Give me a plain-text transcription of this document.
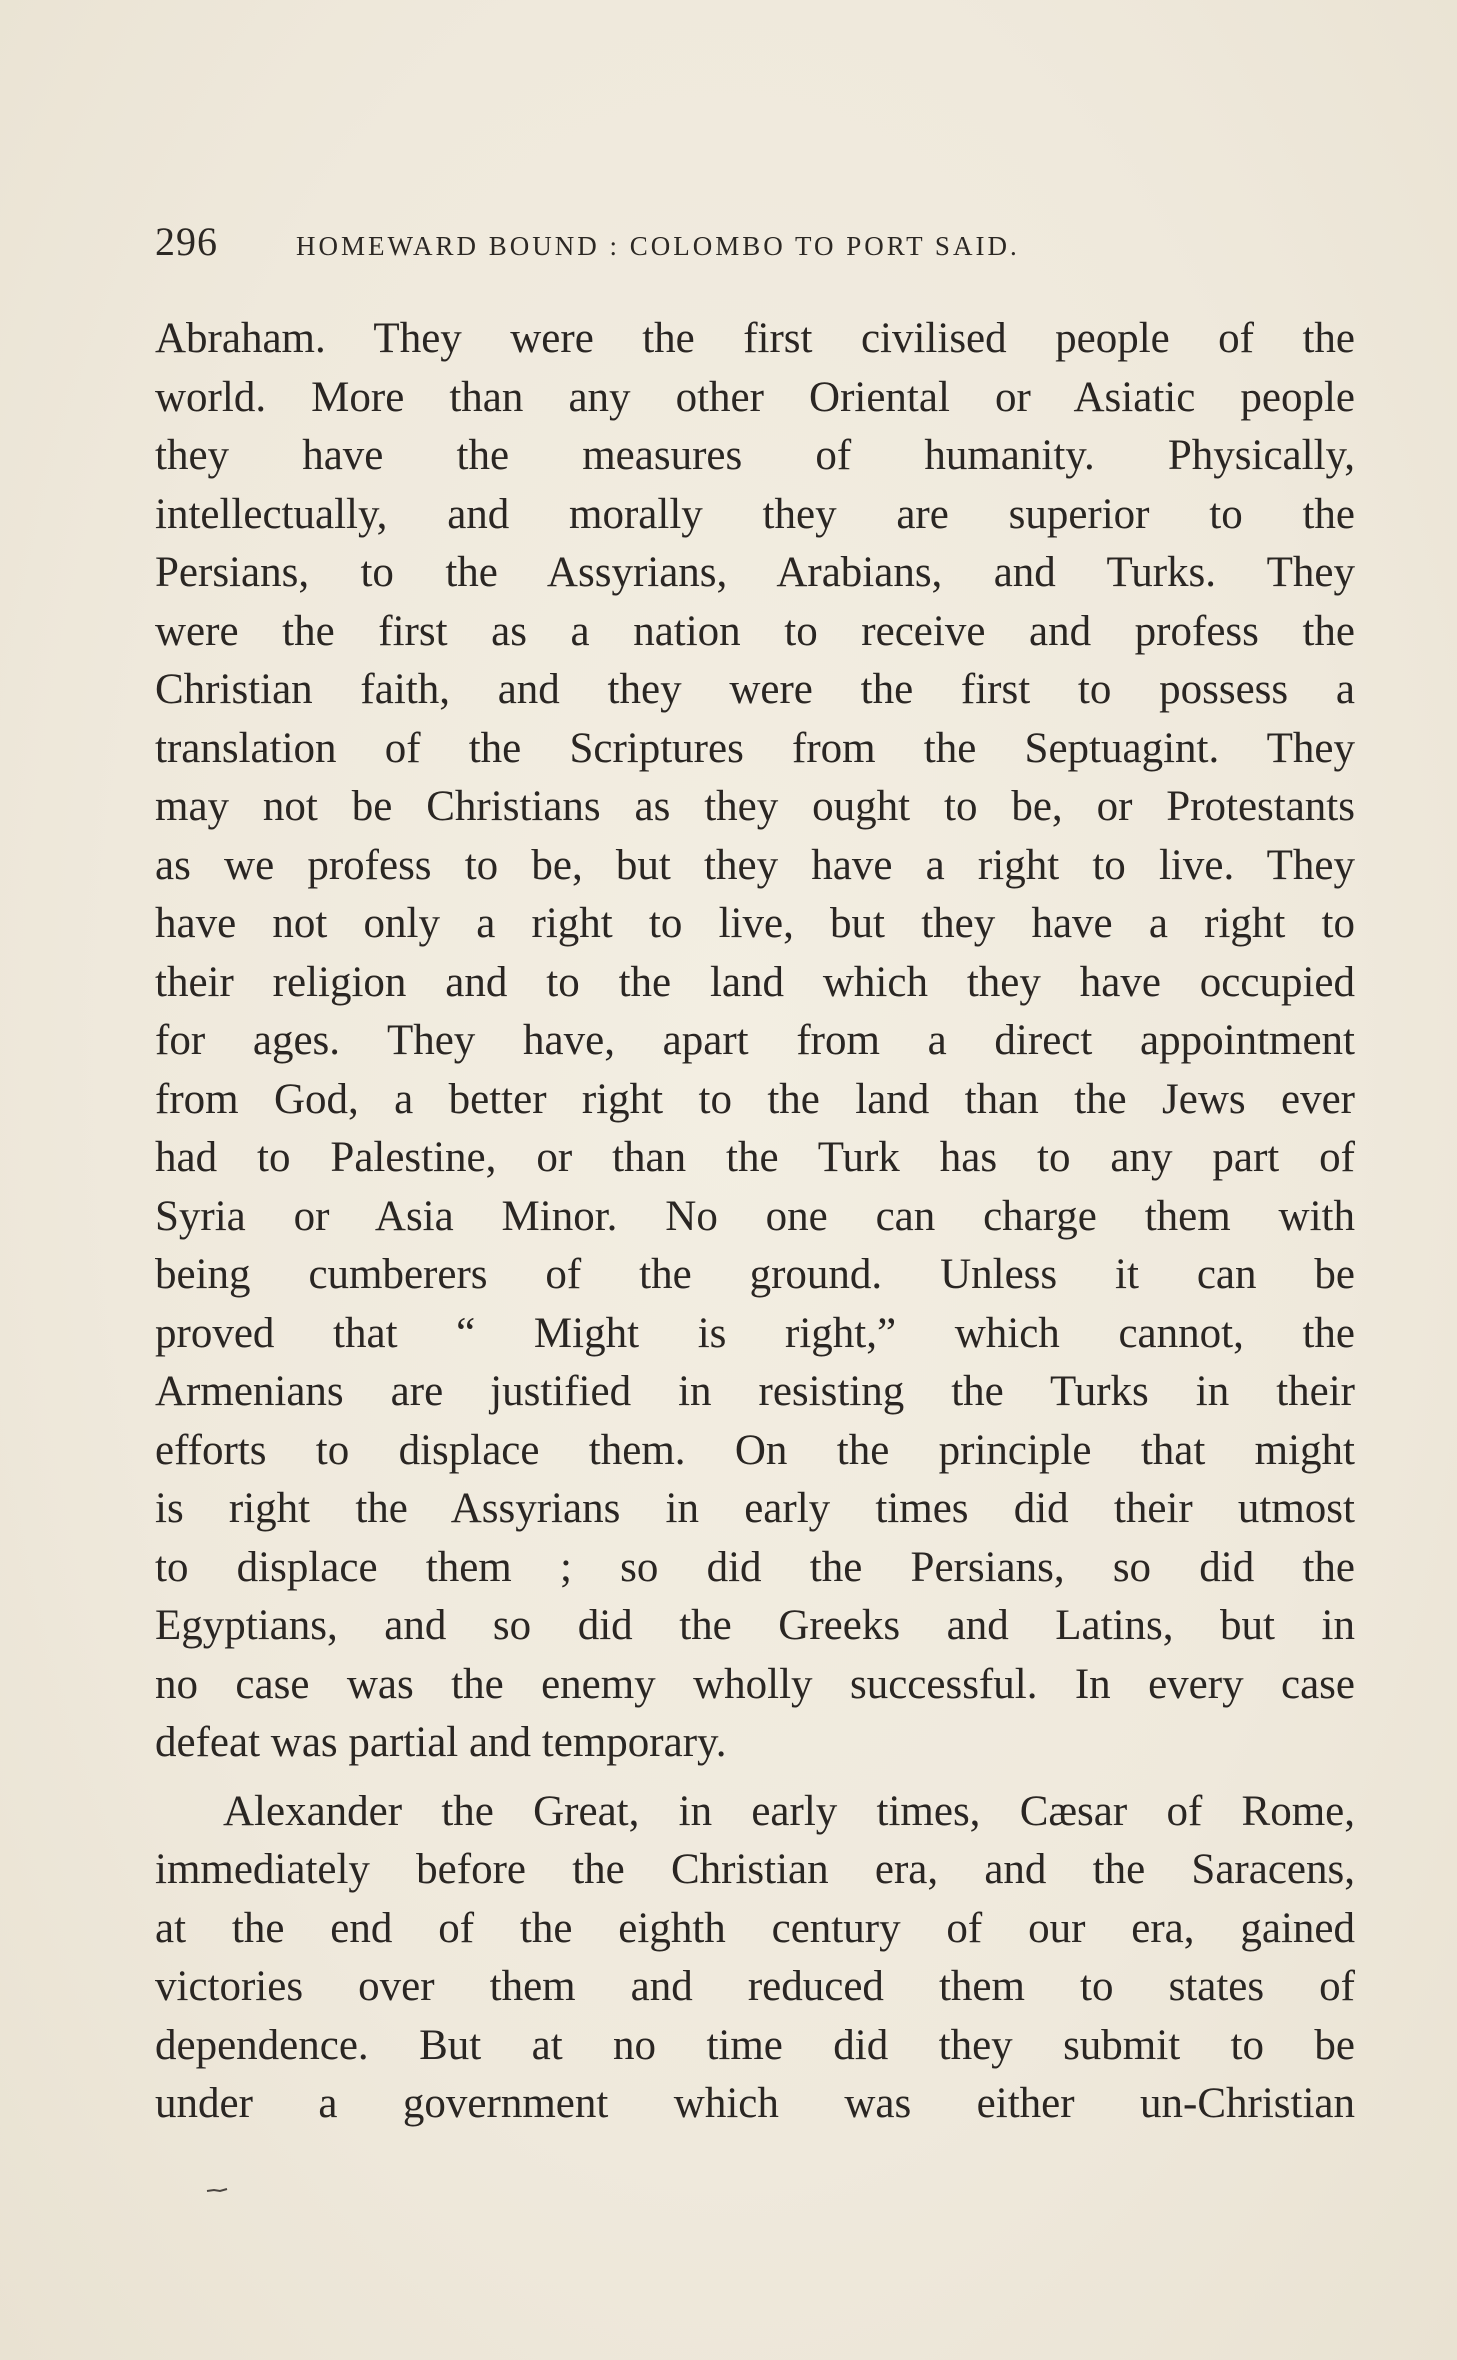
296	HOMEWARD BOUND : COLOMBO TO PORT SAID.
Abraham. They were the first civilised people of the
world. More than any other Oriental or Asiatic people
they have the measures of humanity. Physically,
intellectually, and morally they are superior to the
Persians, to the Assyrians, Arabians, and Turks. They
were the first as a nation to receive and profess the
Christian faith, and they were the first to possess a
translation of the Scriptures from the Septuagint. They
may not be Christians as they ought to be, or Protestants
as we profess to be, but they have a right to live. They
have not only a right to live, but they have a right to
their religion and to the land which they have occupied
for ages. They have, apart from a direct appointment
from God, a better right to the land than the Jews ever
had to Palestine, or than the Turk has to any part of
Syria or Asia Minor. No one can charge them with
being cumberers of the ground. Unless it can be
proved that “ Might is right,” which cannot, the
Armenians are justified in resisting the Turks in their
efforts to displace them. On the principle that might
is right the Assyrians in early times did their utmost
to displace them ; so did the Persians, so did the
Egyptians, and so did the Greeks and Latins, but in
no case was the enemy wholly successful. In every case
defeat was partial and temporary.
Alexander the Great, in early times, Cæsar of Rome,
immediately before the Christian era, and the Saracens,
at the end of the eighth century of our era, gained
victories over them and reduced them to states of
dependence. But at no time did they submit to be
under a government which was either un-Christian
